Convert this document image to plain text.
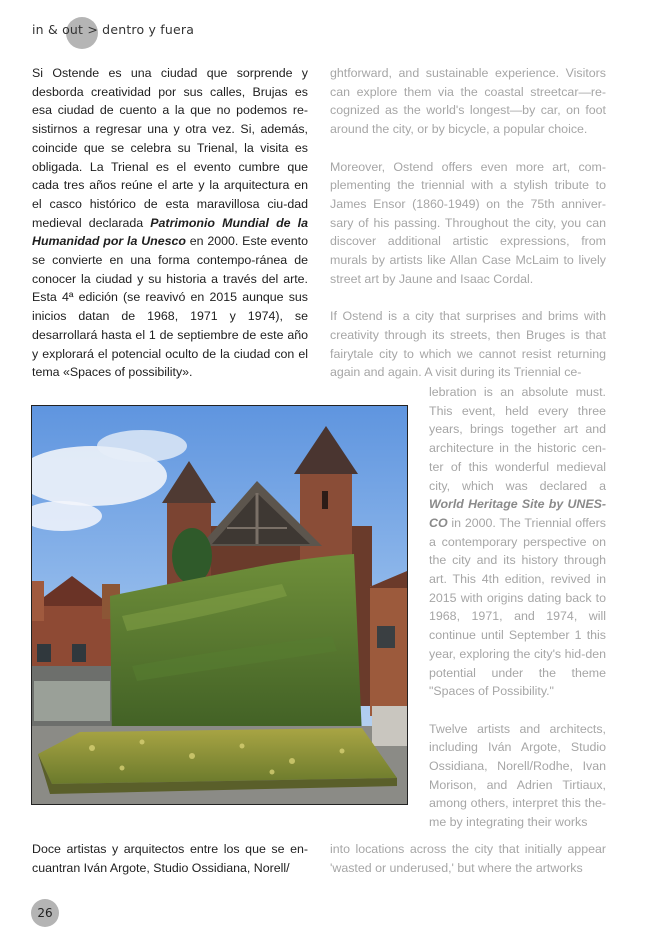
in & out > dentro y fuera

Si Ostende es una ciudad que sorprende y desborda creatividad por sus calles, Brujas es esa ciudad de cuento a la que no podemos re-sistirnos a regresar una y otra vez. Si, además, coincide que se celebra su Trienal, la visita es obligada. La Trienal es el evento cumbre que cada tres años reúne el arte y la arquitectura en el casco histórico de esta maravillosa ciu-dad medieval declarada Patrimonio Mundial de la Humanidad por la Unesco en 2000. Este evento se convierte en una forma contempo-ránea de conocer la ciudad y su historia a través del arte. Esta 4ª edición (se reavivó en 2015 aunque sus inicios datan de 1968, 1971 y 1974), se desarrollará hasta el 1 de septiembre de este año y explorará el potencial oculto de la ciudad con el tema «Spaces of possibility».

ghtforward, and sustainable experience. Visitors can explore them via the coastal streetcar—re-cognized as the world's longest—by car, on foot around the city, or by bicycle, a popular choice.

Moreover, Ostend offers even more art, com-plementing the triennial with a stylish tribute to James Ensor (1860-1949) on the 75th anniver-sary of his passing. Throughout the city, you can discover additional artistic expressions, from murals by artists like Allan Case McLaim to lively street art by Jaune and Isaac Cordal.

If Ostend is a city that surprises and brims with creativity through its streets, then Bruges is that fairytale city to which we cannot resist returning again and again. A visit during its Triennial ce-

lebration is an absolute must. This event, held every three years, brings together art and architecture in the historic cen-ter of this wonderful medieval city, which was declared a World Heritage Site by UNES-CO in 2000. The Triennial offers a contemporary perspective on the city and its history through art. This 4th edition, revived in 2015 with origins dating back to 1968, 1971, and 1974, will continue until September 1 this year, exploring the city's hid-den potential under the theme "Spaces of Possibility."

Twelve artists and architects, including Iván Argote, Studio Ossidiana, Norell/Rodhe, Ivan Morison, and Adrien Tirtiaux, among others, interpret this the-me by integrating their works

Doce artistas y arquitectos entre los que se en-cuantran Iván Argote, Studio Ossidiana, Norell/

into locations across the city that initially appear 'wasted or underused,' but where the artworks

26
